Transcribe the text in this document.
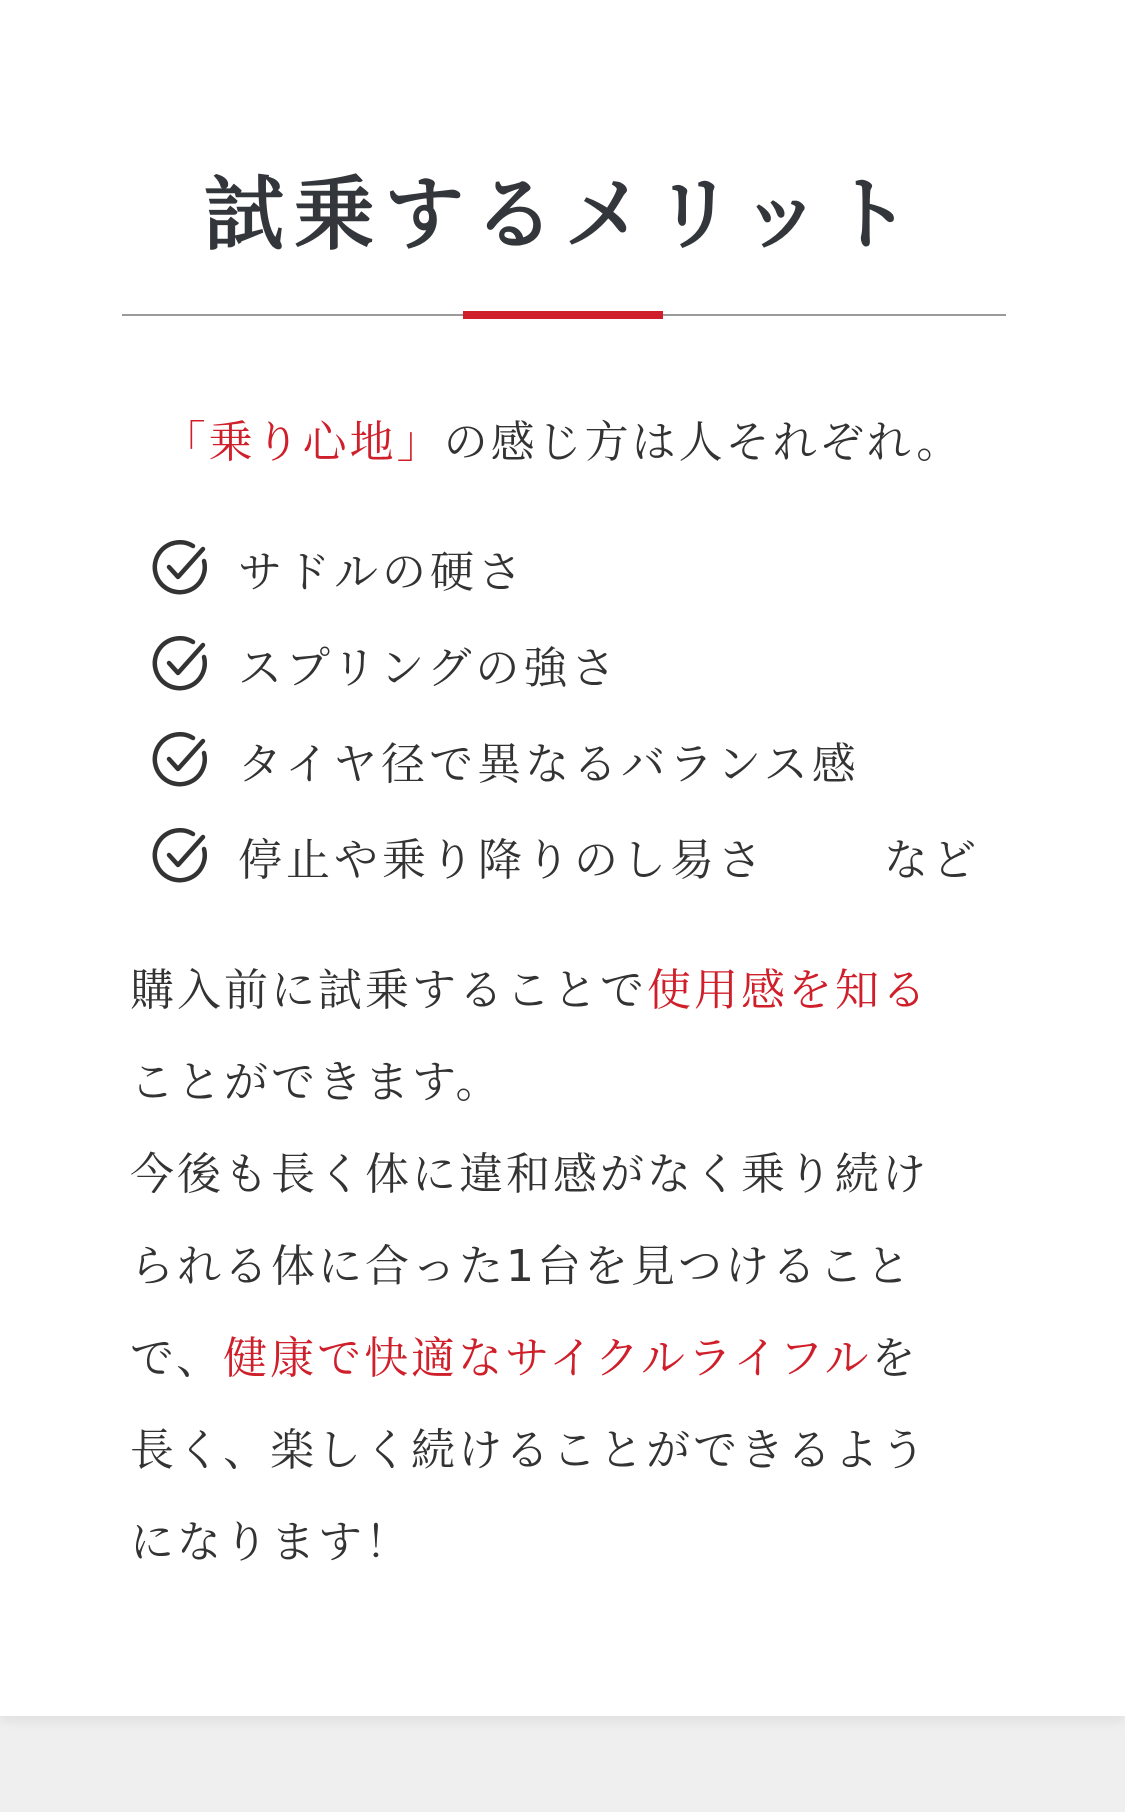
試乗するメリット

「乗り心地」の感じ方は人それぞれ。

サドルの硬さ
スプリングの強さ
タイヤ径で異なるバランス感
停止や乗り降りのし易さ	など

購入前に試乗することで使用感を知る
ことができます。

今後も長く体に違和感がなく乗り続け
られる体に合った1台を見つけること
で、健康で快適なサイクルライフルを
長く、楽しく続けることができるよう
になります！
